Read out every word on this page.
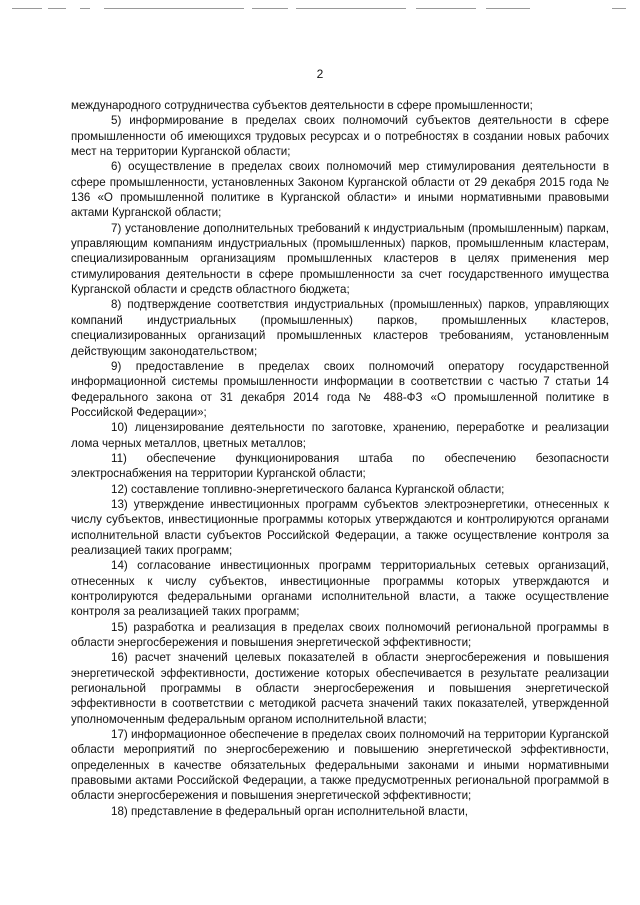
2

международного сотрудничества субъектов деятельности в сфере промышленности;

5) информирование в пределах своих полномочий субъектов деятельности в сфере промышленности об имеющихся трудовых ресурсах и о потребностях в создании новых рабочих мест на территории Курганской области;

6) осуществление в пределах своих полномочий мер стимулирования деятельности в сфере промышленности, установленных Законом Курганской области от 29 декабря 2015 года № 136 «О промышленной политике в Курганской области» и иными нормативными правовыми актами Курганской области;

7) установление дополнительных требований к индустриальным (промышленным) паркам, управляющим компаниям индустриальных (промышленных) парков, промышленным кластерам, специализированным организациям промышленных кластеров в целях применения мер стимулирования деятельности в сфере промышленности за счет государственного имущества Курганской области и средств областного бюджета;

8) подтверждение соответствия индустриальных (промышленных) парков, управляющих компаний индустриальных (промышленных) парков, промышленных кластеров, специализированных организаций промышленных кластеров требованиям, установленным действующим законодательством;

9) предоставление в пределах своих полномочий оператору государственной информационной системы промышленности информации в соответствии с частью 7 статьи 14 Федерального закона от 31 декабря 2014 года № 488-ФЗ «О промышленной политике в Российской Федерации»;

10) лицензирование деятельности по заготовке, хранению, переработке и реализации лома черных металлов, цветных металлов;

11) обеспечение функционирования штаба по обеспечению безопасности электроснабжения на территории Курганской области;

12) составление топливно-энергетического баланса Курганской области;

13) утверждение инвестиционных программ субъектов электроэнергетики, отнесенных к числу субъектов, инвестиционные программы которых утверждаются и контролируются органами исполнительной власти субъектов Российской Федерации, а также осуществление контроля за реализацией таких программ;

14) согласование инвестиционных программ территориальных сетевых организаций, отнесенных к числу субъектов, инвестиционные программы которых утверждаются и контролируются федеральными органами исполнительной власти, а также осуществление контроля за реализацией таких программ;

15) разработка и реализация в пределах своих полномочий региональной программы в области энергосбережения и повышения энергетической эффективности;

16) расчет значений целевых показателей в области энергосбережения и повышения энергетической эффективности, достижение которых обеспечивается в результате реализации региональной программы в области энергосбережения и повышения энергетической эффективности в соответствии с методикой расчета значений таких показателей, утвержденной уполномоченным федеральным органом исполнительной власти;

17) информационное обеспечение в пределах своих полномочий на территории Курганской области мероприятий по энергосбережению и повышению энергетической эффективности, определенных в качестве обязательных федеральными законами и иными нормативными правовыми актами Российской Федерации, а также предусмотренных региональной программой в области энергосбережения и повышения энергетической эффективности;

18) представление в федеральный орган исполнительной власти,
